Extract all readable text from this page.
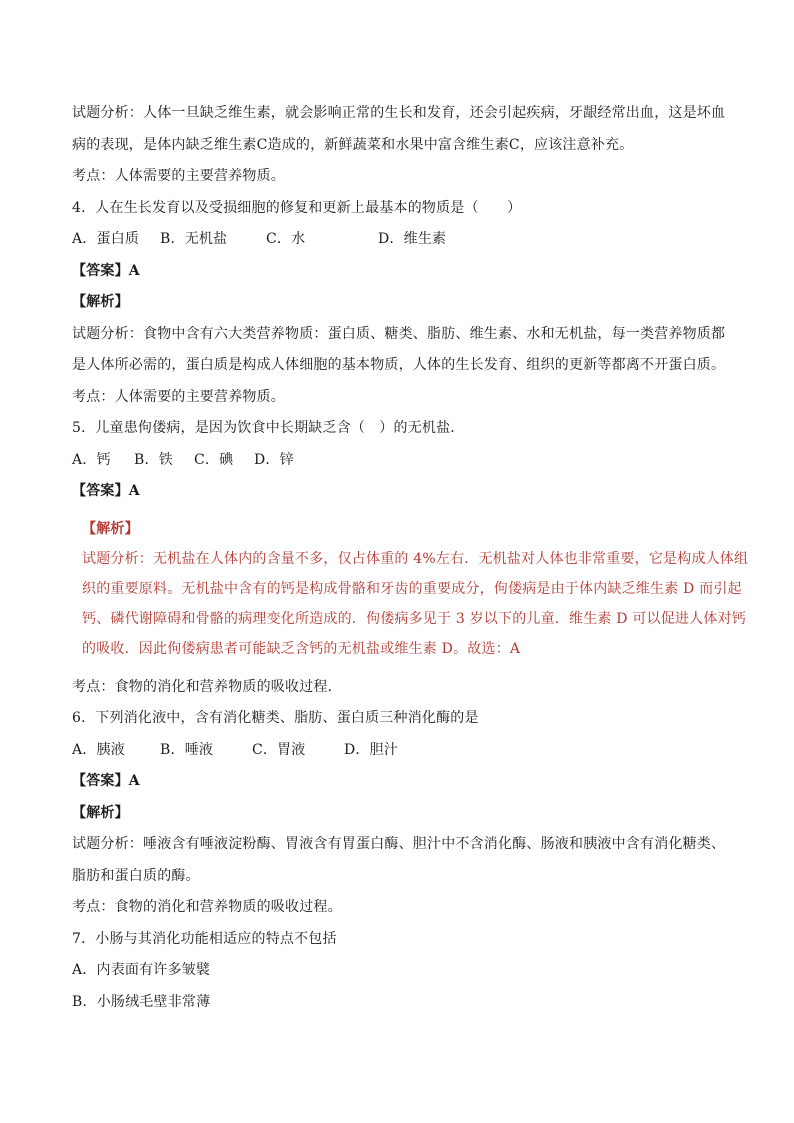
试题分析：人体一旦缺乏维生素，就会影响正常的生长和发育，还会引起疾病，牙龈经常出血，这是坏血
病的表现，是体内缺乏维生素C造成的，新鲜蔬菜和水果中富含维生素C，应该注意补充。
考点：人体需要的主要营养物质。
4．人在生长发育以及受损细胞的修复和更新上最基本的物质是（　　）
A．蛋白质 B．无机盐	C．水	D．维生素
【答案】A
【解析】
试题分析：食物中含有六大类营养物质：蛋白质、糖类、脂肪、维生素、水和无机盐，每一类营养物质都
是人体所必需的，蛋白质是构成人体细胞的基本物质，人体的生长发育、组织的更新等都离不开蛋白质。
考点：人体需要的主要营养物质。
5．儿童患佝偻病，是因为饮食中长期缺乏含（　）的无机盐．
A．钙 B．铁 C．碘 D．锌
【答案】A
【解析】
试题分析：无机盐在人体内的含量不多，仅占体重的 4%左右．无机盐对人体也非常重要，它是构成人体组
织的重要原料。无机盐中含有的钙是构成骨骼和牙齿的重要成分，佝偻病是由于体内缺乏维生素 D 而引起
钙、磷代谢障碍和骨骼的病理变化所造成的．佝偻病多见于 3 岁以下的儿童．维生素 D 可以促进人体对钙
的吸收．因此佝偻病患者可能缺乏含钙的无机盐或维生素 D。故选：A
考点：食物的消化和营养物质的吸收过程．
6．下列消化液中，含有消化糖类、脂肪、蛋白质三种消化酶的是
A．胰液	B．唾液	C．胃液	D．胆汁
【答案】A
【解析】
试题分析：唾液含有唾液淀粉酶、胃液含有胃蛋白酶、胆汁中不含消化酶、肠液和胰液中含有消化糖类、
脂肪和蛋白质的酶。
考点：食物的消化和营养物质的吸收过程。
7．小肠与其消化功能相适应的特点不包括
A．内表面有许多皱襞
B．小肠绒毛壁非常薄
